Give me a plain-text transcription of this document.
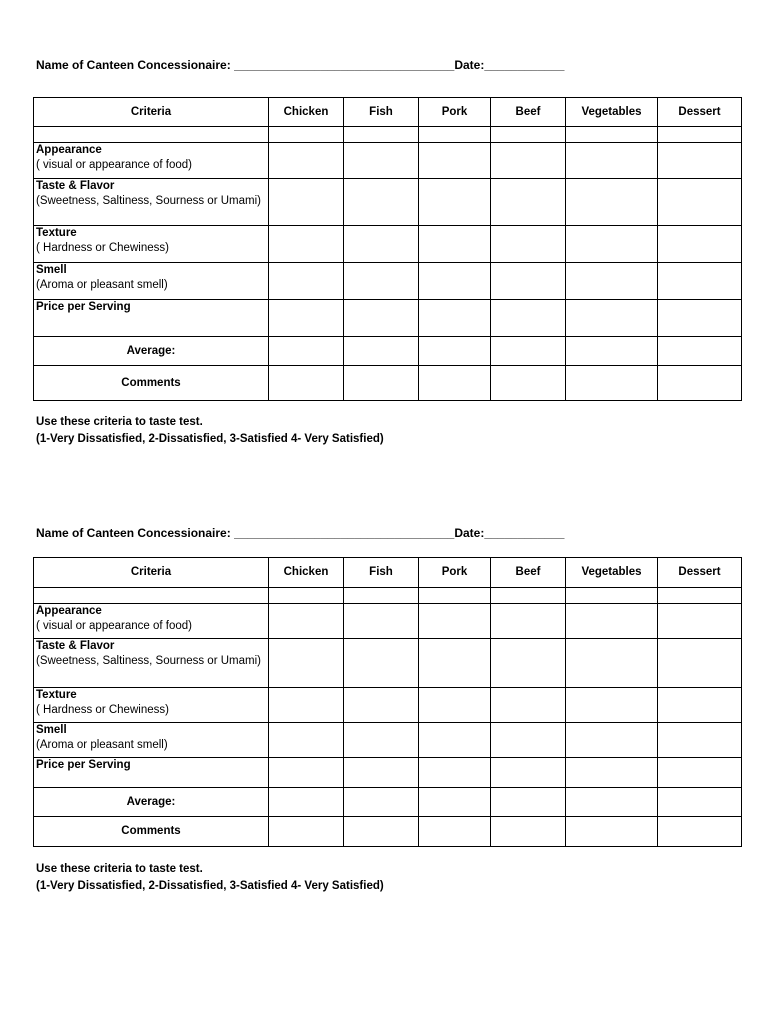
Name of Canteen Concessionaire: _________________________________Date:____________
Criteria	Chicken	Fish	Pork	Beef	Vegetables	Dessert

Appearance
( visual or appearance of food)						

Taste & Flavor
(Sweetness, Saltiness, Sourness or Umami)						

Texture
( Hardness or Chewiness)						

Smell
(Aroma or pleasant smell)						

Price per Serving						

Average:						
Comments						
Use these criteria to taste test.
(1-Very Dissatisfied, 2-Dissatisfied, 3-Satisfied 4- Very Satisfied)
Name of Canteen Concessionaire: _________________________________Date:____________
Criteria	Chicken	Fish	Pork	Beef	Vegetables	Dessert

Appearance
( visual or appearance of food)						

Taste & Flavor
(Sweetness, Saltiness, Sourness or Umami)						

Texture
( Hardness or Chewiness)						

Smell
(Aroma or pleasant smell)						

Price per Serving						

Average:						
Comments						
Use these criteria to taste test.
(1-Very Dissatisfied, 2-Dissatisfied, 3-Satisfied 4- Very Satisfied)
